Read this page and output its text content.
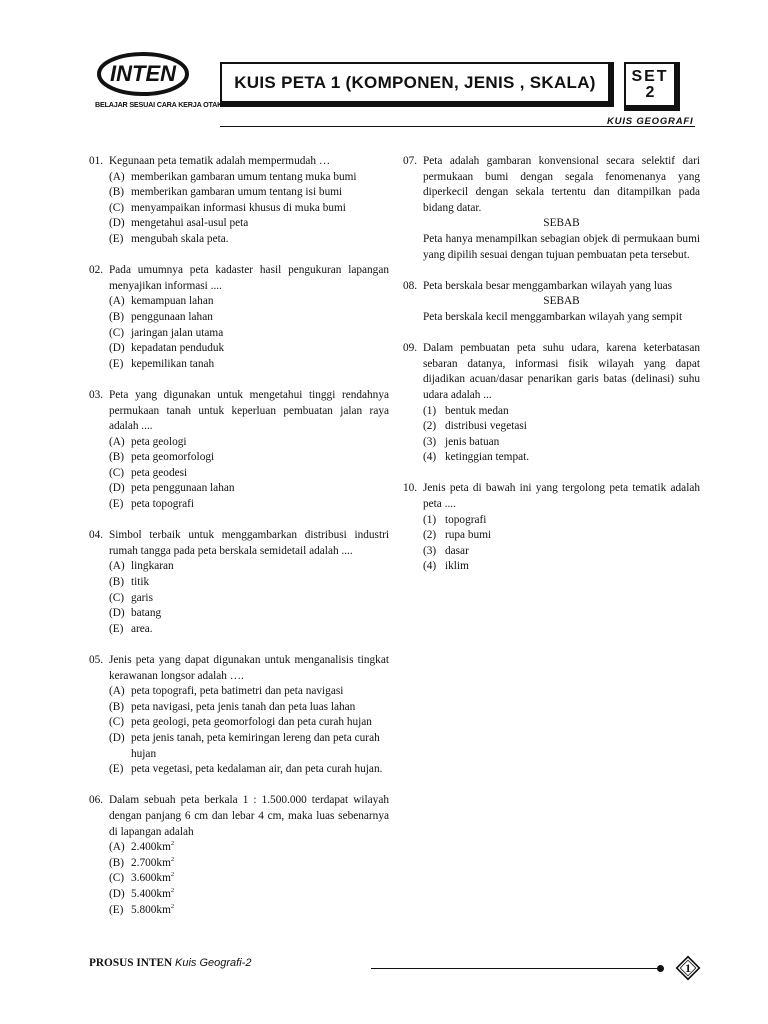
INTEN
BELAJAR SESUAI CARA KERJA OTAK
KUIS PETA 1 (KOMPONEN, JENIS , SKALA)	SET
2
KUIS GEOGRAFI
01. Kegunaan peta tematik adalah mempermudah …
(A) memberikan gambaran umum tentang muka bumi
(B) memberikan gambaran umum tentang isi bumi
(C) menyampaikan informasi khusus di muka bumi
(D) mengetahui asal-usul peta
(E) mengubah skala peta.
02. Pada umumnya peta kadaster hasil pengukuran lapangan menyajikan informasi ....
(A) kemampuan lahan
(B) penggunaan lahan
(C) jaringan jalan utama
(D) kepadatan penduduk
(E) kepemilikan tanah
03. Peta yang digunakan untuk mengetahui tinggi rendahnya permukaan tanah untuk keperluan pembuatan jalan raya adalah ....
(A) peta geologi
(B) peta geomorfologi
(C) peta geodesi
(D) peta penggunaan lahan
(E) peta topografi
04. Simbol terbaik untuk menggambarkan distribusi industri rumah tangga pada peta berskala semidetail adalah ....
(A) lingkaran
(B) titik
(C) garis
(D) batang
(E) area.
05. Jenis peta yang dapat digunakan untuk menganalisis tingkat kerawanan longsor adalah ….
(A) peta topografi, peta batimetri dan peta navigasi
(B) peta navigasi, peta jenis tanah dan peta luas lahan
(C) peta geologi, peta geomorfologi dan peta curah hujan
(D) peta jenis tanah, peta kemiringan lereng dan peta curah hujan
(E) peta vegetasi, peta kedalaman air, dan peta curah hujan.
06. Dalam sebuah peta berkala 1 : 1.500.000 terdapat wilayah dengan panjang 6 cm dan lebar 4 cm, maka luas sebenarnya di lapangan adalah
(A) $2.400km^2$
(B) $2.700km^2$
(C) $3.600km^2$
(D) $5.400km^2$
(E) $5.800km^2$
07. Peta adalah gambaran konvensional secara selektif dari permukaan bumi dengan segala fenomenanya yang diperkecil dengan sekala tertentu dan ditampilkan pada bidang datar.
SEBAB
Peta hanya menampilkan sebagian objek di permukaan bumi yang dipilih sesuai dengan tujuan pembuatan peta tersebut.
08. Peta berskala besar menggambarkan wilayah yang luas
SEBAB
Peta berskala kecil menggambarkan wilayah yang sempit
09. Dalam pembuatan peta suhu udara, karena keterbatasan sebaran datanya, informasi fisik wilayah yang dapat dijadikan acuan/dasar penarikan garis batas (delinasi) suhu udara adalah ...
(1) bentuk medan
(2) distribusi vegetasi
(3) jenis batuan
(4) ketinggian tempat.
10. Jenis peta di bawah ini yang tergolong peta tematik adalah peta ....
(1) topografi
(2) rupa bumi
(3) dasar
(4) iklim
PROSUS INTEN Kuis Geografi-2	1
